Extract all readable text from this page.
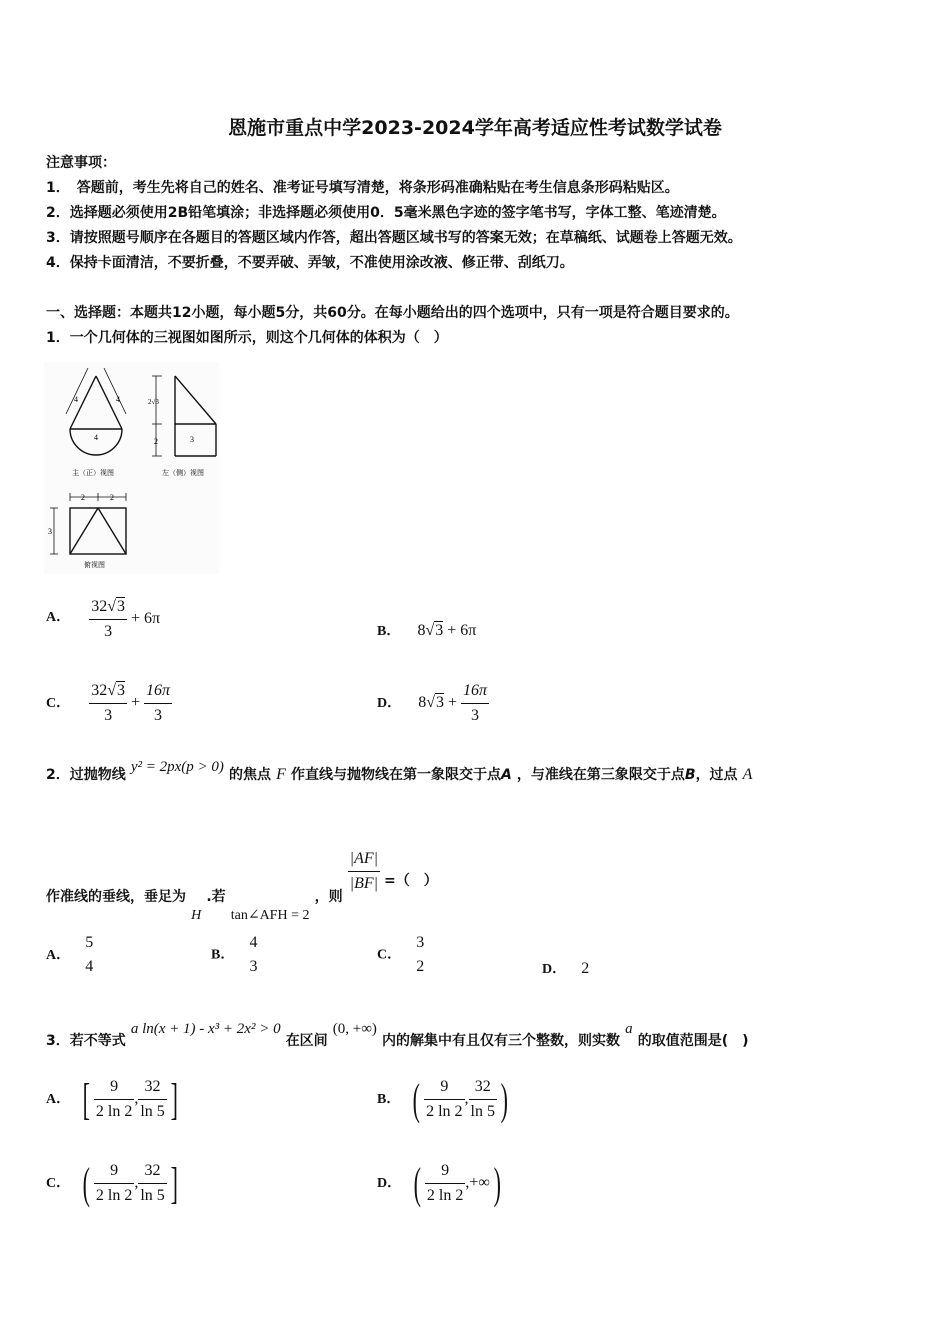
恩施市重点中学2023-2024学年高考适应性考试数学试卷
注意事项：
1．　答题前，考生先将自己的姓名、准考证号填写清楚，将条形码准确粘贴在考生信息条形码粘贴区。
2．选择题必须使用2B铅笔填涂；非选择题必须使用0．5毫米黑色字迹的签字笔书写，字体工整、笔迹清楚。
3．请按照题号顺序在各题目的答题区域内作答，超出答题区域书写的答案无效；在草稿纸、试题卷上答题无效。
4．保持卡面清洁，不要折叠，不要弄破、弄皱，不准使用涂改液、修正带、刮纸刀。
一、选择题：本题共12小题，每小题5分，共60分。在每小题给出的四个选项中，只有一项是符合题目要求的。
1．一个几何体的三视图如图所示，则这个几何体的体积为（　）
4	4
4
主（正）视图
2√3
2	3
左（侧）视图
2	2
3
俯视图
A． $\frac{32√3}{3} + 6\pi$
B． 8√3 + 6π
C． $\frac{32√3}{3} + \frac{16\pi}{3}$	D． $8√3 + \frac{16\pi}{3}$
2．过抛物线 y² = 2px(p > 0) 的焦点 F 作直线与抛物线在第一象限交于点A ，与准线在第三象限交于点B，过点 A
作准线的垂线，垂足为 H .若 tan∠AFH = 2 ，则
$\frac{|AF|}{|BF|}$ =（　）
A．
5
4
B．
4
3
C．
3
2	D． 2
3．若不等式 a ln(x + 1) - x³ + 2x² > 0 在区间 (0, +∞) 内的解集中有且仅有三个整数，则实数 a 的取值范围是(　)
A． [ $\frac{9}{2 \ln 2}$ , $\frac{32}{\ln 5}$ ]	B． ( $\frac{9}{2 \ln 2}$ , $\frac{32}{\ln 5}$ )
C． ( $\frac{9}{2 \ln 2}$ , $\frac{32}{\ln 5}$ ]	D． ( $\frac{9}{2 \ln 2}$ ,+∞)
